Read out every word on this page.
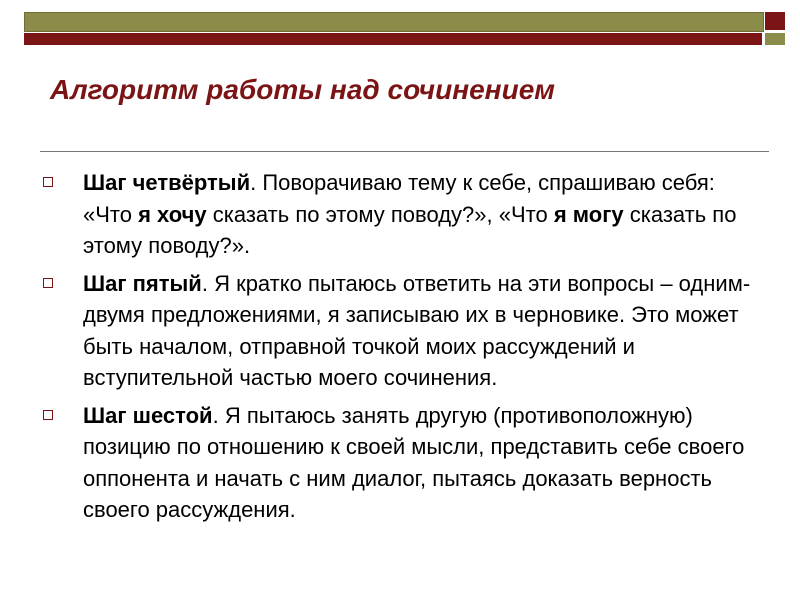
Алгоритм работы над сочинением
Шаг четвёртый. Поворачиваю тему к себе, спрашиваю себя: «Что я хочу сказать по этому поводу?», «Что я могу сказать по этому поводу?».
Шаг пятый. Я кратко пытаюсь ответить на эти вопросы – одним-двумя предложениями, я записываю их в черновике. Это может быть началом, отправной точкой моих рассуждений и вступительной частью моего сочинения.
Шаг шестой. Я пытаюсь занять другую (противоположную) позицию по отношению к своей мысли, представить себе своего оппонента и начать с ним диалог, пытаясь доказать верность своего рассуждения.
